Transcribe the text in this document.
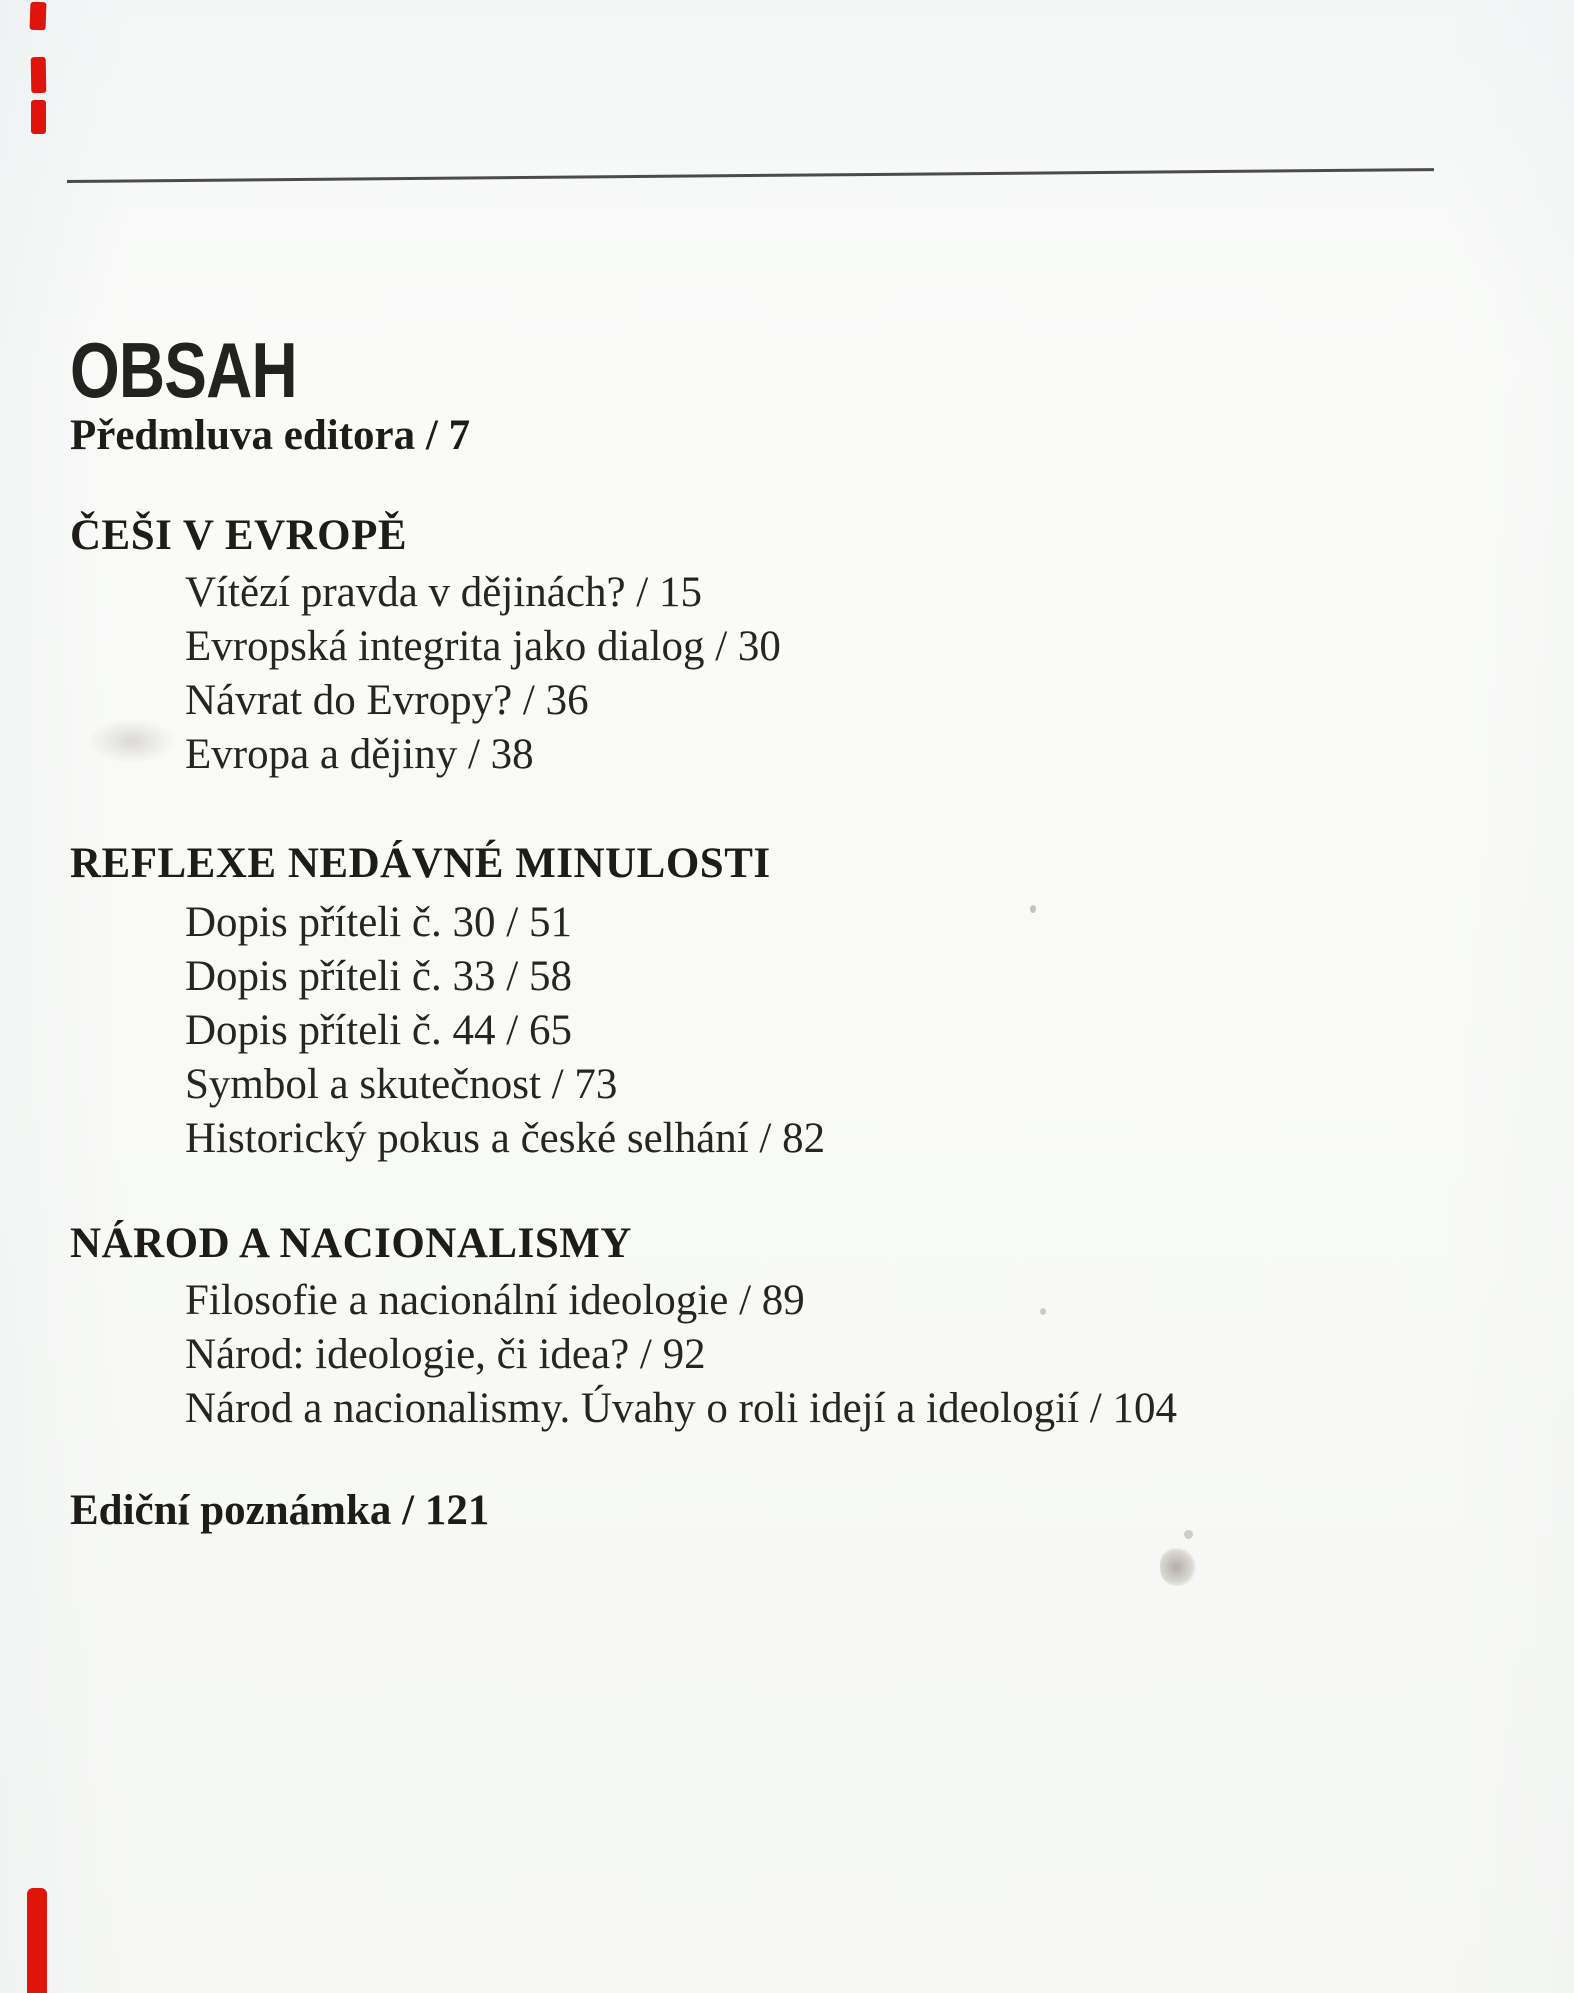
OBSAH

Předmluva editora / 7

ČEŠI V EVROPĚ
Vítězí pravda v dějinách? / 15
Evropská integrita jako dialog / 30
Návrat do Evropy? / 36
Evropa a dějiny / 38
REFLEXE NEDÁVNÉ MINULOSTI
Dopis příteli č. 30 / 51
Dopis příteli č. 33 / 58
Dopis příteli č. 44 / 65
Symbol a skutečnost / 73
Historický pokus a české selhání / 82
NÁROD A NACIONALISMY
Filosofie a nacionální ideologie / 89
Národ: ideologie, či idea? / 92
Národ a nacionalismy. Úvahy o roli idejí a ideologií / 104

Ediční poznámka / 121
